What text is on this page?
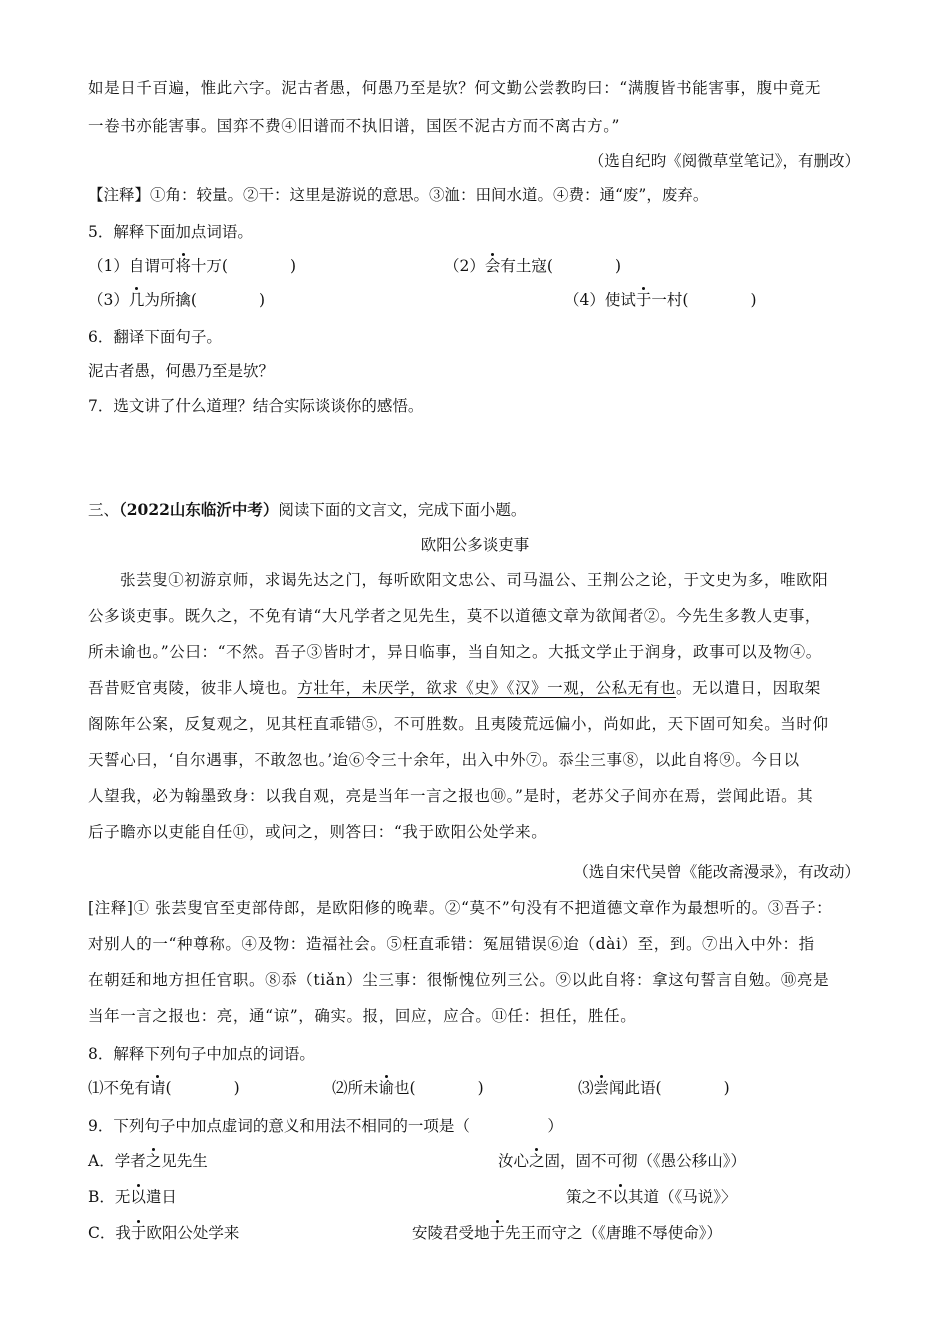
如是日千百遍，惟此六字。泥古者愚，何愚乃至是欤？何文勤公尝教昀曰：“满腹皆书能害事，腹中竟无
一卷书亦能害事。国弈不费④旧谱而不执旧谱，国医不泥古方而不离古方。”
（选自纪昀《阅微草堂笔记》，有删改）
【注释】①角：较量。②干：这里是游说的意思。③洫：田间水道。④费：通“废”，废弃。
5．解释下面加点词语。
（1）自谓可将十万(　　　　)	（2）会有土寇(　　　　)
（3）几为所擒(　　　　)	（4）使试于一村(　　　　)
6．翻译下面句子。
泥古者愚，何愚乃至是欤？
7．选文讲了什么道理？结合实际谈谈你的感悟。
三、（2022山东临沂中考）阅读下面的文言文，完成下面小题。
欧阳公多谈吏事
张芸叟①初游京师，求谒先达之门，每听欧阳文忠公、司马温公、王荆公之论，于文史为多，唯欧阳
公多谈吏事。既久之，不免有请“大凡学者之见先生，莫不以道德文章为欲闻者②。今先生多教人吏事，
所未谕也。”公曰：“不然。吾子③皆时才，异日临事，当自知之。大抵文学止于润身，政事可以及物④。
吾昔贬官夷陵，彼非人境也。方壮年，未厌学，欲求《史》《汉》一观，公私无有也。无以遣日，因取架
阁陈年公案，反复观之，见其枉直乖错⑤，不可胜数。且夷陵荒远偏小，尚如此，天下固可知矣。当时仰
天誓心曰，‘自尔遇事，不敢忽也。’迨⑥令三十余年，出入中外⑦。忝尘三事⑧，以此自将⑨。今日以
人望我，必为翰墨致身：以我自观，亮是当年一言之报也⑩。”是时，老苏父子间亦在焉，尝闻此语。其
后子瞻亦以吏能自任⑪，或问之，则答曰：“我于欧阳公处学来。
（选自宋代吴曾《能改斋漫录》，有改动）
[注释]① 张芸叟官至吏部侍郎，是欧阳修的晚辈。②“莫不”句没有不把道德文章作为最想听的。③吾子：
对别人的一“种尊称。④及物：造福社会。⑤枉直乖错：冤屈错误⑥迨（dài）至，到。⑦出入中外：指
在朝廷和地方担任官职。⑧忝（tiǎn）尘三事：很惭愧位列三公。⑨以此自将：拿这句誓言自勉。⑩亮是
当年一言之报也：亮，通“谅”，确实。报，回应，应合。⑪任：担任，胜任。
8．解释下列句子中加点的词语。
⑴不免有请(　　　　)	⑵所未谕也(　　　　)	⑶尝闻此语(　　　　)
9．下列句子中加点虚词的意义和用法不相同的一项是（　　　　　）
A．学者之见先生	汝心之固，固不可彻（《愚公移山》）
B．无以遣日	策之不以其道（《马说》〉
C．我于欧阳公处学来	安陵君受地于先王而守之（《唐雎不辱使命》）
